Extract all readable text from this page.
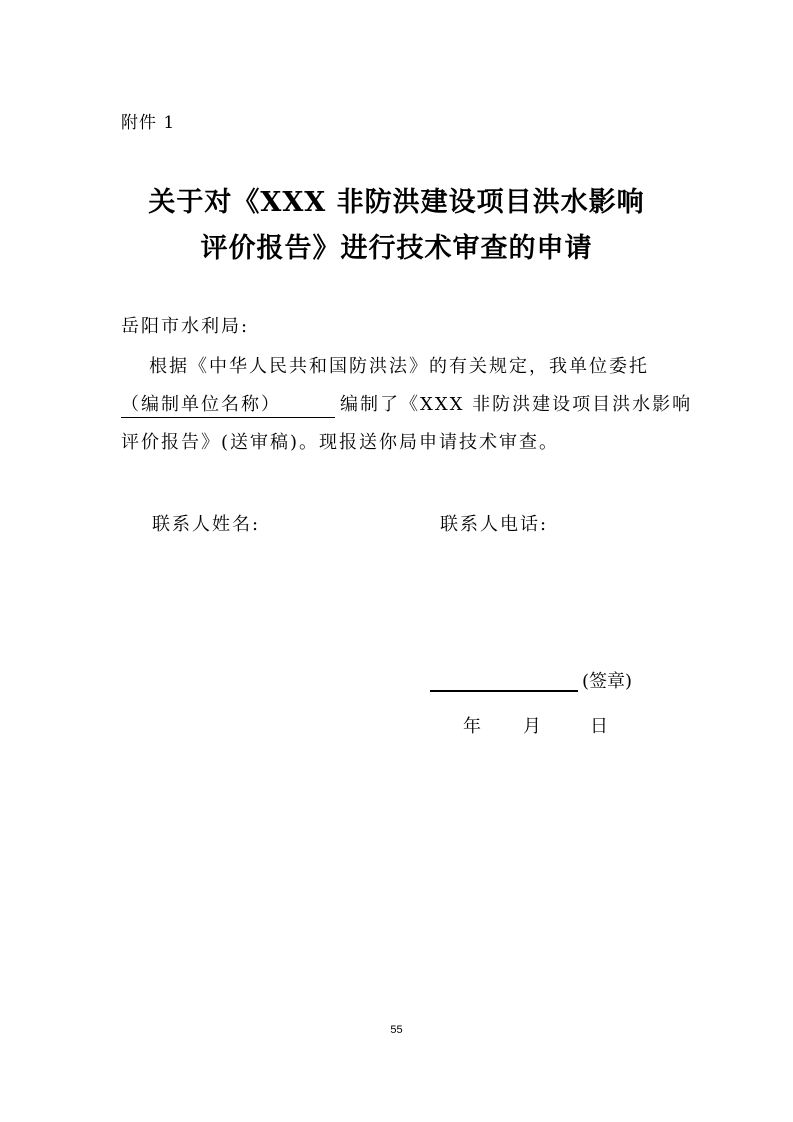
附件 1
关于对《XXX 非防洪建设项目洪水影响
评价报告》进行技术审查的申请
岳阳市水利局:
根据《中华人民共和国防洪法》的有关规定，我单位委托
（编制单位名称）	编制了《XXX 非防洪建设项目洪水影响
评价报告》(送审稿)。现报送你局申请技术审查。
联系人姓名:	联系人电话:
(签章)
年 月	日
55
